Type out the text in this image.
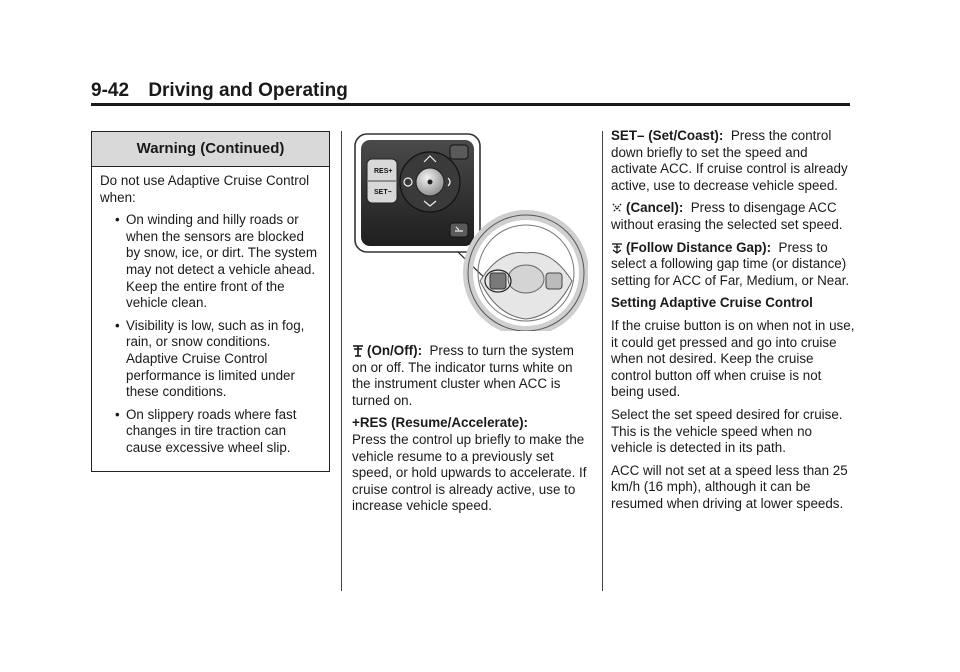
9-42 Driving and Operating
Warning (Continued)

Do not use Adaptive Cruise Control when:

• On winding and hilly roads or when the sensors are blocked by snow, ice, or dirt. The system may not detect a vehicle ahead. Keep the entire front of the vehicle clean.
• Visibility is low, such as in fog, rain, or snow conditions. Adaptive Cruise Control performance is limited under these conditions.
• On slippery roads where fast changes in tire traction can cause excessive wheel slip.
RES+
SET−

(On/Off): Press to turn the system on or off. The indicator turns white on the instrument cluster when ACC is turned on.

+RES (Resume/Accelerate):
Press the control up briefly to make the vehicle resume to a previously set speed, or hold upwards to accelerate. If cruise control is already active, use to increase vehicle speed.

SET– (Set/Coast): Press the control down briefly to set the speed and activate ACC. If cruise control is already active, use to decrease vehicle speed.

(Cancel): Press to disengage ACC without erasing the selected set speed.

(Follow Distance Gap): Press to select a following gap time (or distance) setting for ACC of Far, Medium, or Near.

Setting Adaptive Cruise Control

If the cruise button is on when not in use, it could get pressed and go into cruise when not desired. Keep the cruise control button off when cruise is not being used.

Select the set speed desired for cruise. This is the vehicle speed when no vehicle is detected in its path.

ACC will not set at a speed less than 25 km/h (16 mph), although it can be resumed when driving at lower speeds.
